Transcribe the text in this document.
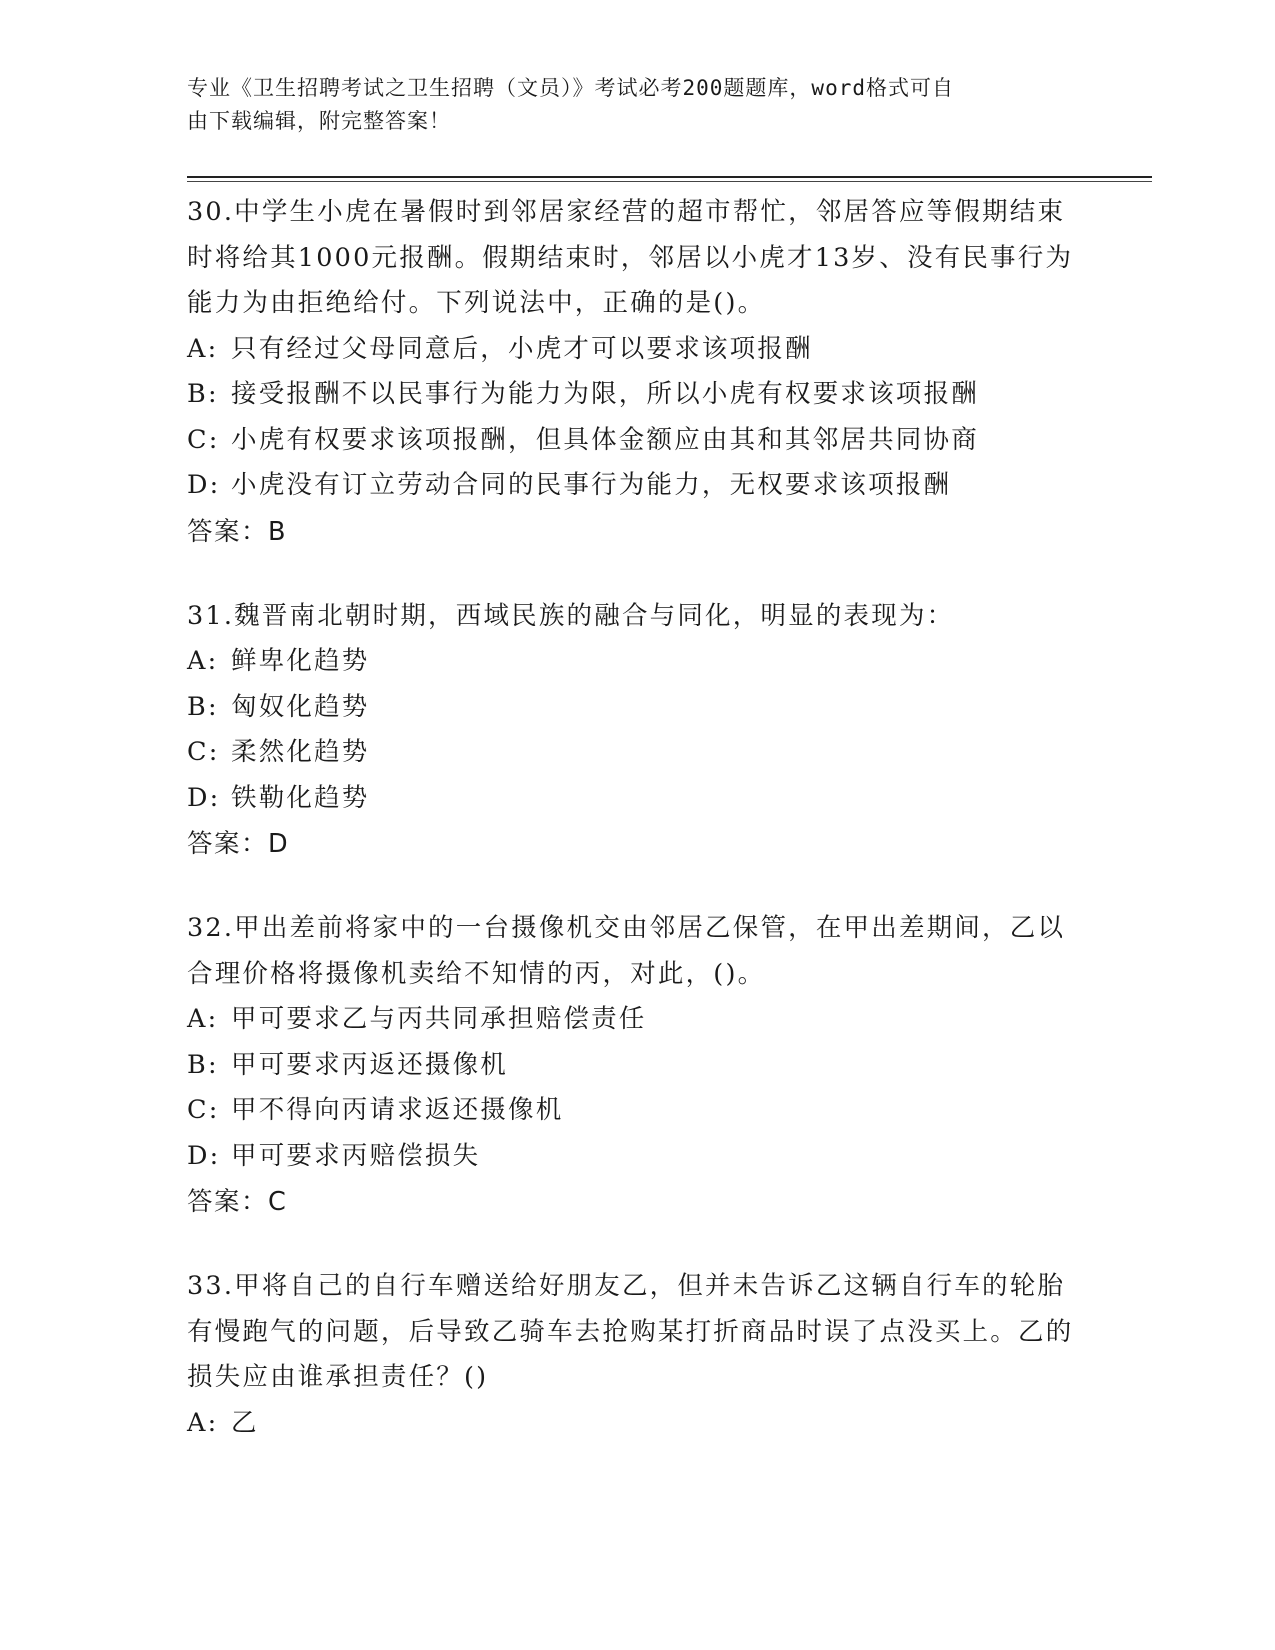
专业《卫生招聘考试之卫生招聘（文员）》考试必考200题题库，word格式可自
由下载编辑，附完整答案！

30.中学生小虎在暑假时到邻居家经营的超市帮忙，邻居答应等假期结束时将给其1000元报酬。假期结束时，邻居以小虎才13岁、没有民事行为能力为由拒绝给付。下列说法中，正确的是()。

A: 只有经过父母同意后，小虎才可以要求该项报酬
B: 接受报酬不以民事行为能力为限，所以小虎有权要求该项报酬
C: 小虎有权要求该项报酬，但具体金额应由其和其邻居共同协商
D: 小虎没有订立劳动合同的民事行为能力，无权要求该项报酬
答案：B

31.魏晋南北朝时期，西域民族的融合与同化，明显的表现为：

A: 鲜卑化趋势
B: 匈奴化趋势
C: 柔然化趋势
D: 铁勒化趋势
答案：D

32.甲出差前将家中的一台摄像机交由邻居乙保管，在甲出差期间，乙以合理价格将摄像机卖给不知情的丙，对此，()。

A: 甲可要求乙与丙共同承担赔偿责任
B: 甲可要求丙返还摄像机
C: 甲不得向丙请求返还摄像机
D: 甲可要求丙赔偿损失
答案：C

33.甲将自己的自行车赠送给好朋友乙，但并未告诉乙这辆自行车的轮胎有慢跑气的问题，后导致乙骑车去抢购某打折商品时误了点没买上。乙的损失应由谁承担责任？()

A: 乙
